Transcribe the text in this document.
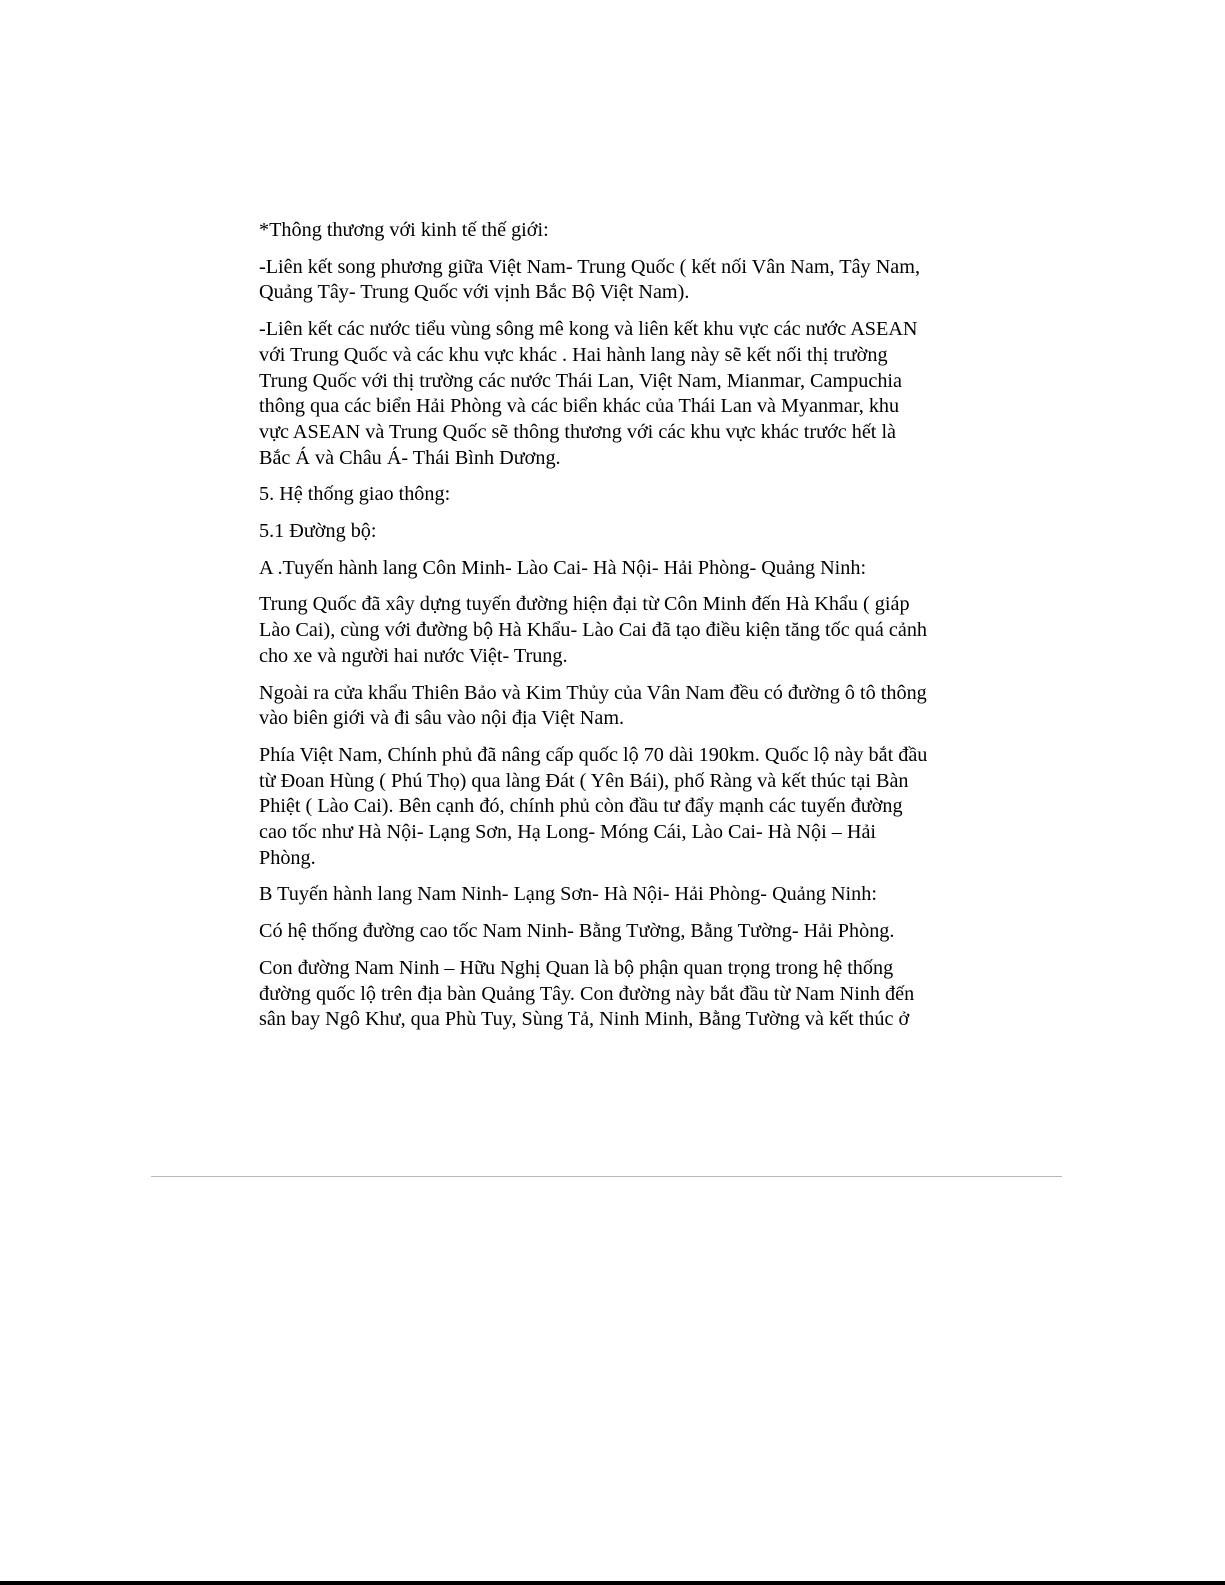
*Thông thương với kinh tế thế giới:

-Liên kết song phương giữa Việt Nam- Trung Quốc ( kết nối Vân Nam, Tây Nam,
Quảng Tây- Trung Quốc với vịnh Bắc Bộ Việt Nam).

-Liên kết các nước tiểu vùng sông mê kong và liên kết khu vực các nước ASEAN
với Trung Quốc và các khu vực khác . Hai hành lang này sẽ kết nối thị trường
Trung Quốc với thị trường các nước Thái Lan, Việt Nam, Mianmar, Campuchia
thông qua các biển Hải Phòng và các biển khác của Thái Lan và Myanmar, khu
vực ASEAN và Trung Quốc sẽ thông thương với các khu vực khác trước hết là
Bắc Á và Châu Á- Thái Bình Dương.

5. Hệ thống giao thông:

5.1 Đường bộ:

A .Tuyến hành lang Côn Minh- Lào Cai- Hà Nội- Hải Phòng- Quảng Ninh:

Trung Quốc đã xây dựng tuyến đường hiện đại từ Côn Minh đến Hà Khẩu ( giáp
Lào Cai), cùng với đường bộ Hà Khẩu- Lào Cai đã tạo điều kiện tăng tốc quá cảnh
cho xe và người hai nước Việt- Trung.

Ngoài ra cửa khẩu Thiên Bảo và Kim Thủy của Vân Nam đều có đường ô tô thông
vào biên giới và đi sâu vào nội địa Việt Nam.

Phía Việt Nam, Chính phủ đã nâng cấp quốc lộ 70 dài 190km. Quốc lộ này bắt đầu
từ Đoan Hùng ( Phú Thọ) qua làng Đát ( Yên Bái), phố Ràng và kết thúc tại Bàn
Phiệt ( Lào Cai). Bên cạnh đó, chính phủ còn đầu tư đẩy mạnh các tuyến đường
cao tốc như Hà Nội- Lạng Sơn, Hạ Long- Móng Cái, Lào Cai- Hà Nội – Hải
Phòng.

B Tuyến hành lang Nam Ninh- Lạng Sơn- Hà Nội- Hải Phòng- Quảng Ninh:

Có hệ thống đường cao tốc Nam Ninh- Bằng Tường, Bằng Tường- Hải Phòng.

Con đường Nam Ninh – Hữu Nghị Quan là bộ phận quan trọng trong hệ thống
đường quốc lộ trên địa bàn Quảng Tây. Con đường này bắt đầu từ Nam Ninh đến
sân bay Ngô Khư, qua Phù Tuy, Sùng Tả, Ninh Minh, Bằng Tường và kết thúc ở
